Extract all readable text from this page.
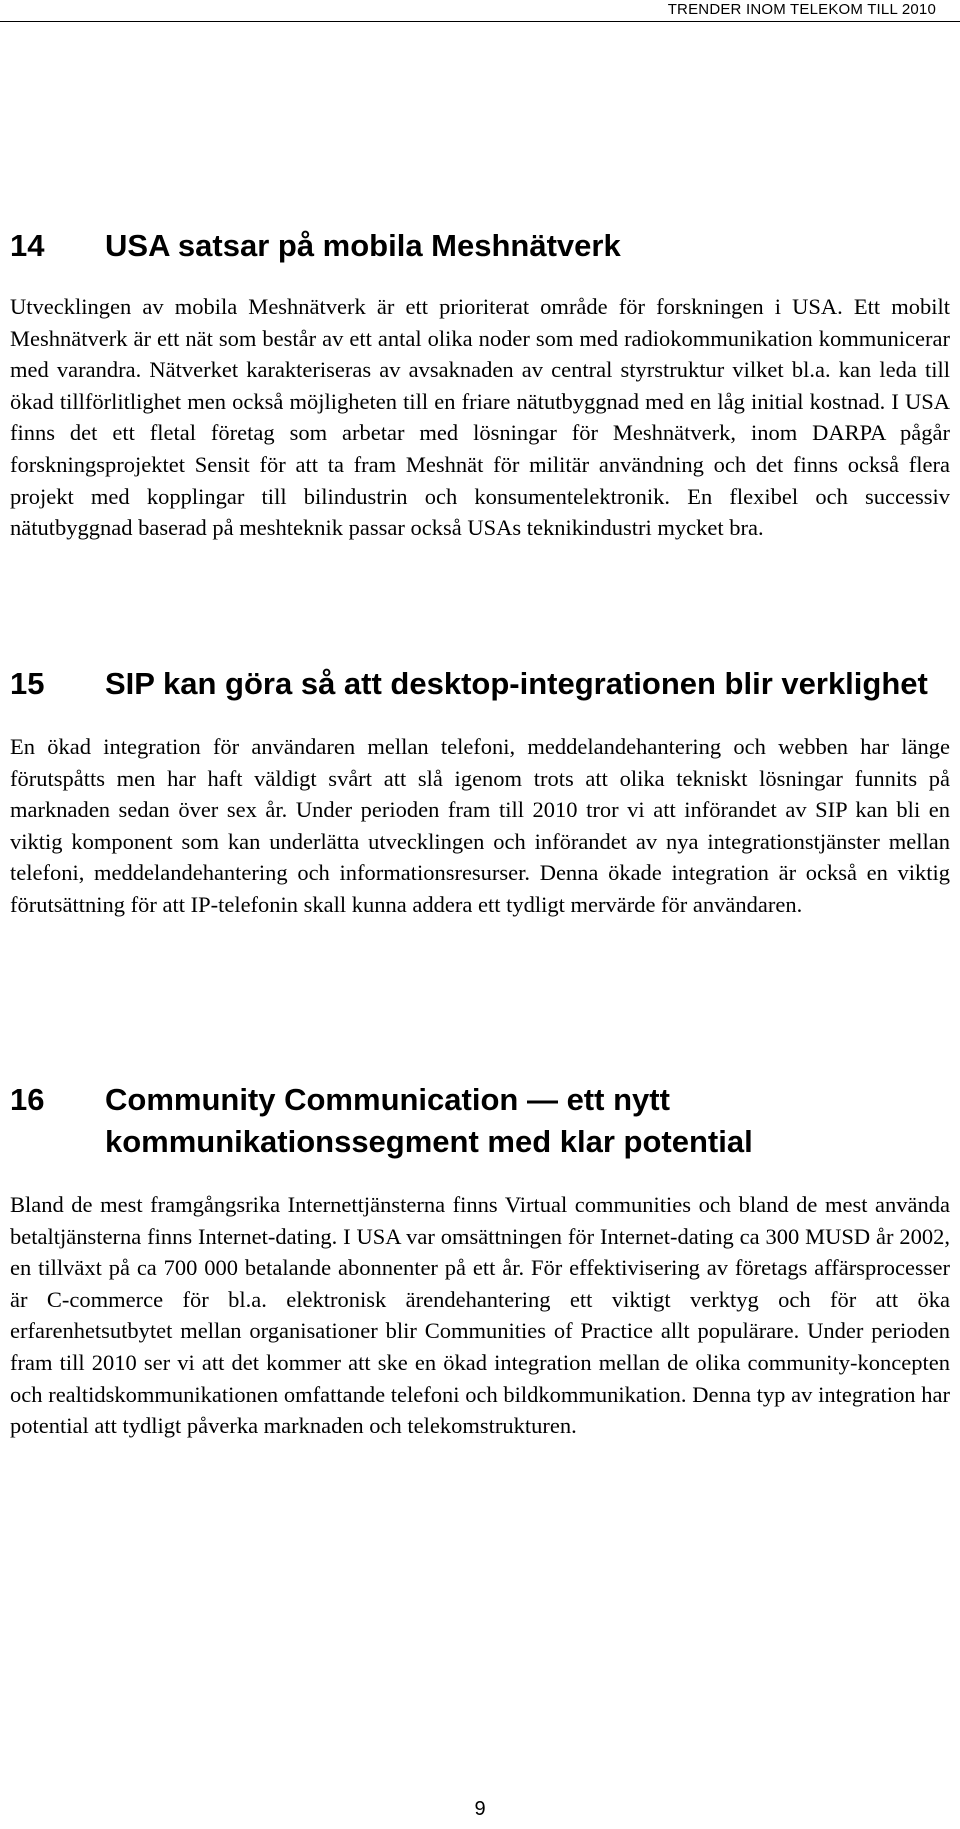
TRENDER INOM TELEKOM TILL 2010
14	USA satsar på mobila Meshnätverk

Utvecklingen av mobila Meshnätverk är ett prioriterat område för forskningen i USA. Ett mobilt Meshnätverk är ett nät som består av ett antal olika noder som med radiokommunikation kommunicerar med varandra. Nätverket karakteriseras av avsaknaden av central styrstruktur vilket bl.a. kan leda till ökad tillförlitlighet men också möjligheten till en friare nätutbyggnad med en låg initial kostnad. I USA finns det ett fletal företag som arbetar med lösningar för Meshnätverk, inom DARPA pågår forskningsprojektet Sensit för att ta fram Meshnät för militär användning och det finns också flera projekt med kopplingar till bilindustrin och konsumentelektronik. En flexibel och successiv nätutbyggnad baserad på meshteknik passar också USAs teknikindustri mycket bra.

15	SIP kan göra så att desktop-integrationen blir verklighet

En ökad integration för användaren mellan telefoni, meddelandehantering och webben har länge förutspåtts men har haft väldigt svårt att slå igenom trots att olika tekniskt lösningar funnits på marknaden sedan över sex år. Under perioden fram till 2010 tror vi att införandet av SIP kan bli en viktig komponent som kan underlätta utvecklingen och införandet av nya integrationstjänster mellan telefoni, meddelandehantering och informationsresurser. Denna ökade integration är också en viktig förutsättning för att IP-telefonin skall kunna addera ett tydligt mervärde för användaren.

16	Community Communication — ett nytt kommunikationssegment med klar potential

Bland de mest framgångsrika Internettjänsterna finns Virtual communities och bland de mest använda betaltjänsterna finns Internet-dating. I USA var omsättningen för Internet-dating ca 300 MUSD år 2002, en tillväxt på ca 700 000 betalande abonnenter på ett år. För effektivisering av företags affärsprocesser är C-commerce för bl.a. elektronisk ärendehantering ett viktigt verktyg och för att öka erfarenhetsutbytet mellan organisationer blir Communities of Practice allt populärare. Under perioden fram till 2010 ser vi att det kommer att ske en ökad integration mellan de olika community-koncepten och realtidskommunikationen omfattande telefoni och bildkommunikation. Denna typ av integration har potential att tydligt påverka marknaden och telekomstrukturen.

9
